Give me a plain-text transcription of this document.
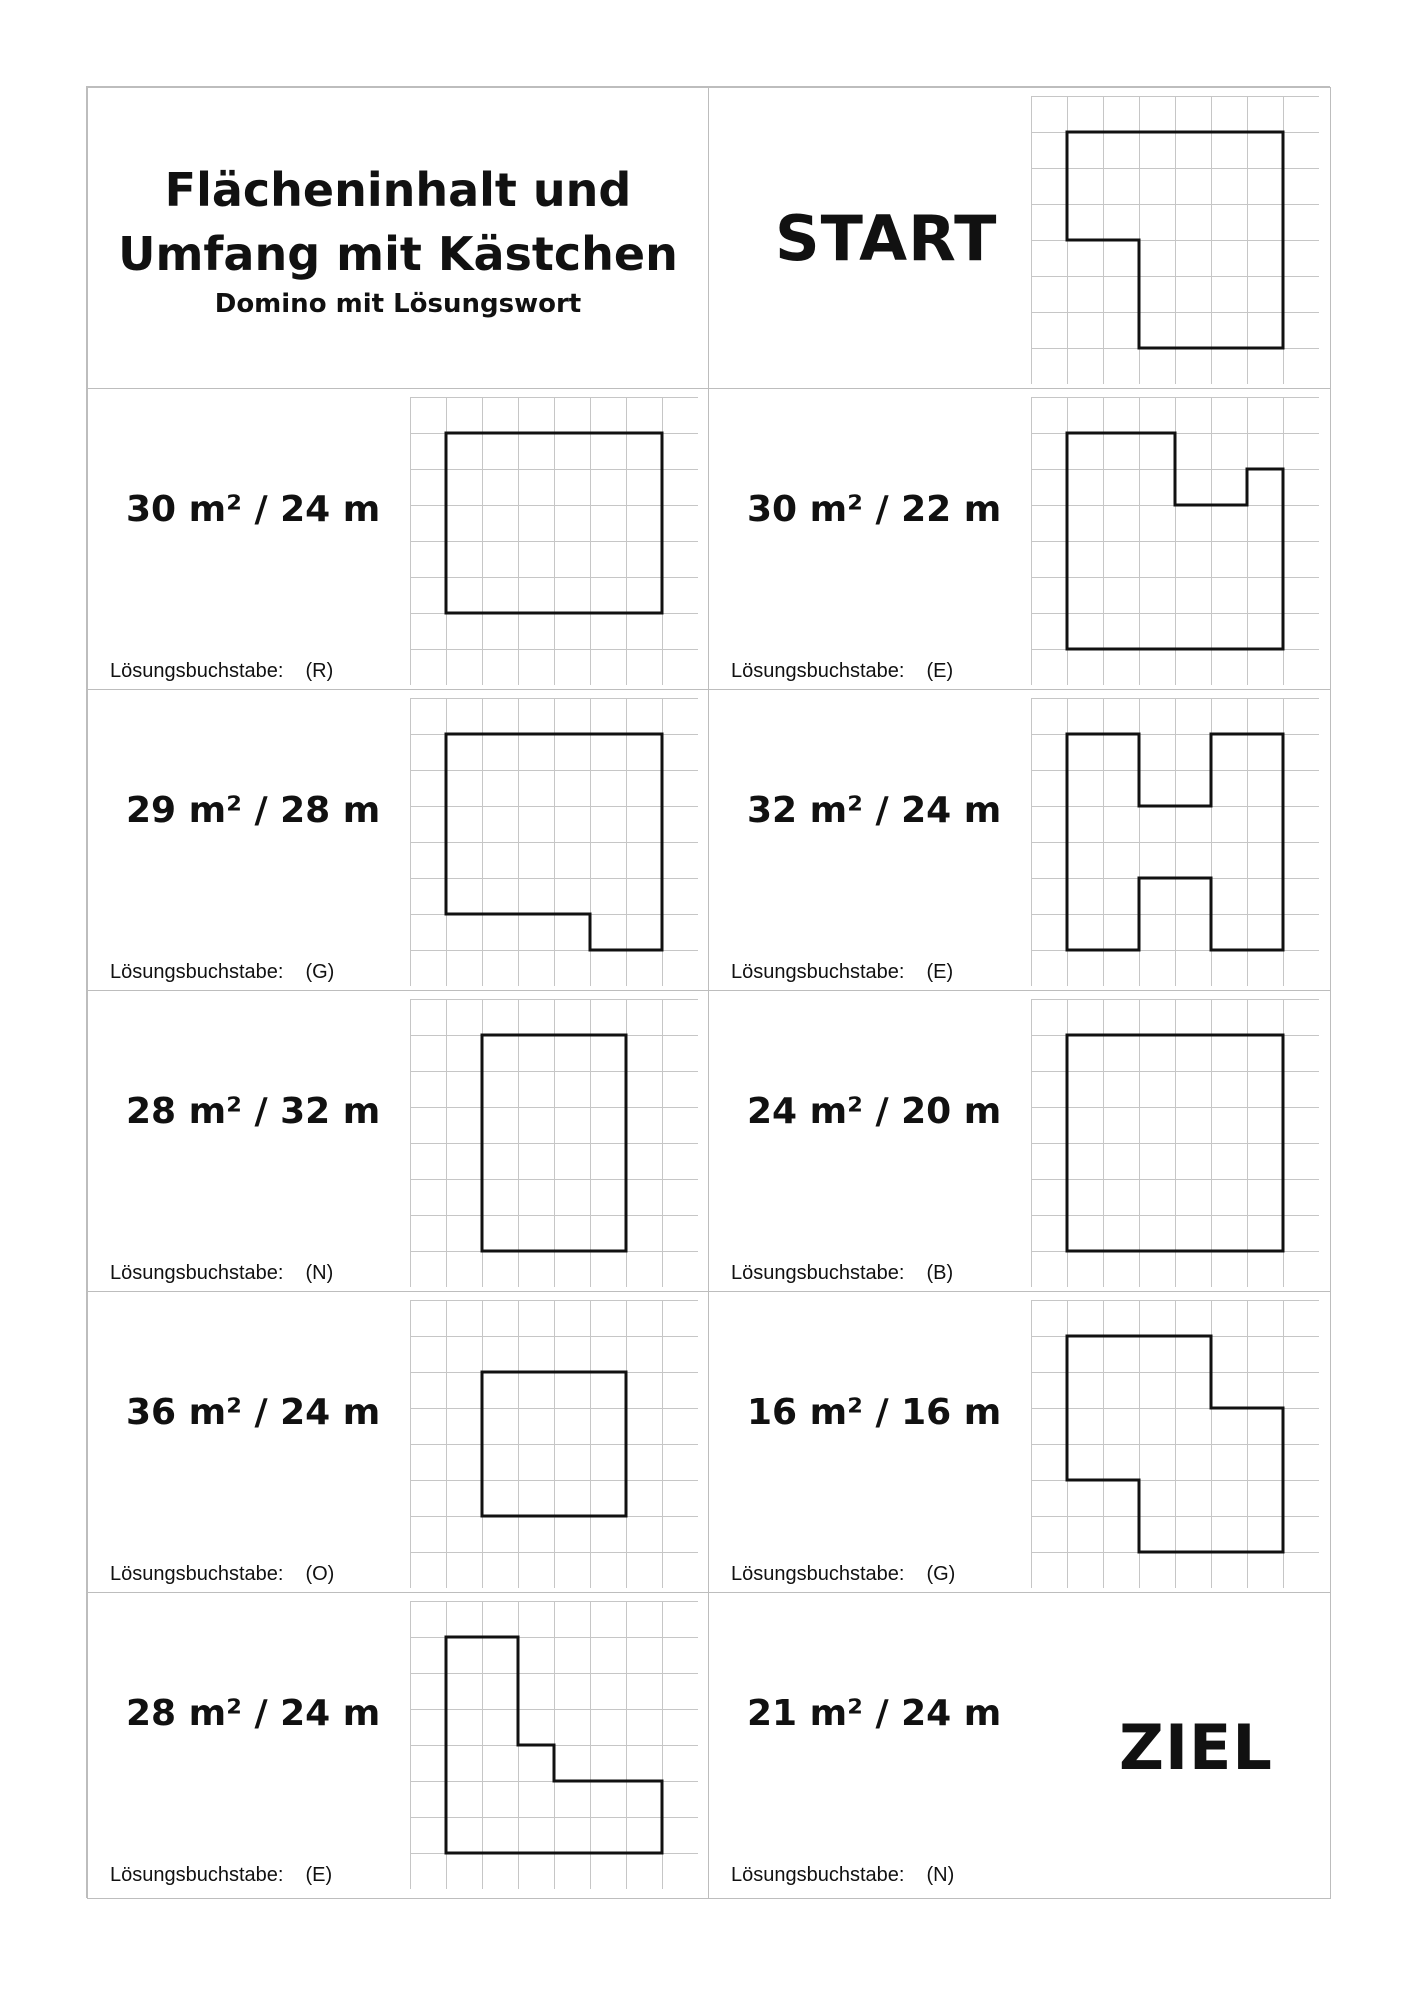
Flächeninhalt und
Umfang mit Kästchen
Domino mit Lösungswort
START
30 m² / 24 m
Lösungsbuchstabe: (R)
30 m² / 22 m
Lösungsbuchstabe: (E)
29 m² / 28 m
Lösungsbuchstabe: (G)
32 m² / 24 m
Lösungsbuchstabe: (E)
28 m² / 32 m
Lösungsbuchstabe: (N)
24 m² / 20 m
Lösungsbuchstabe: (B)
36 m² / 24 m
Lösungsbuchstabe: (O)
16 m² / 16 m
Lösungsbuchstabe: (G)
28 m² / 24 m
Lösungsbuchstabe: (E)
21 m² / 24 m
Lösungsbuchstabe: (N)
ZIEL
